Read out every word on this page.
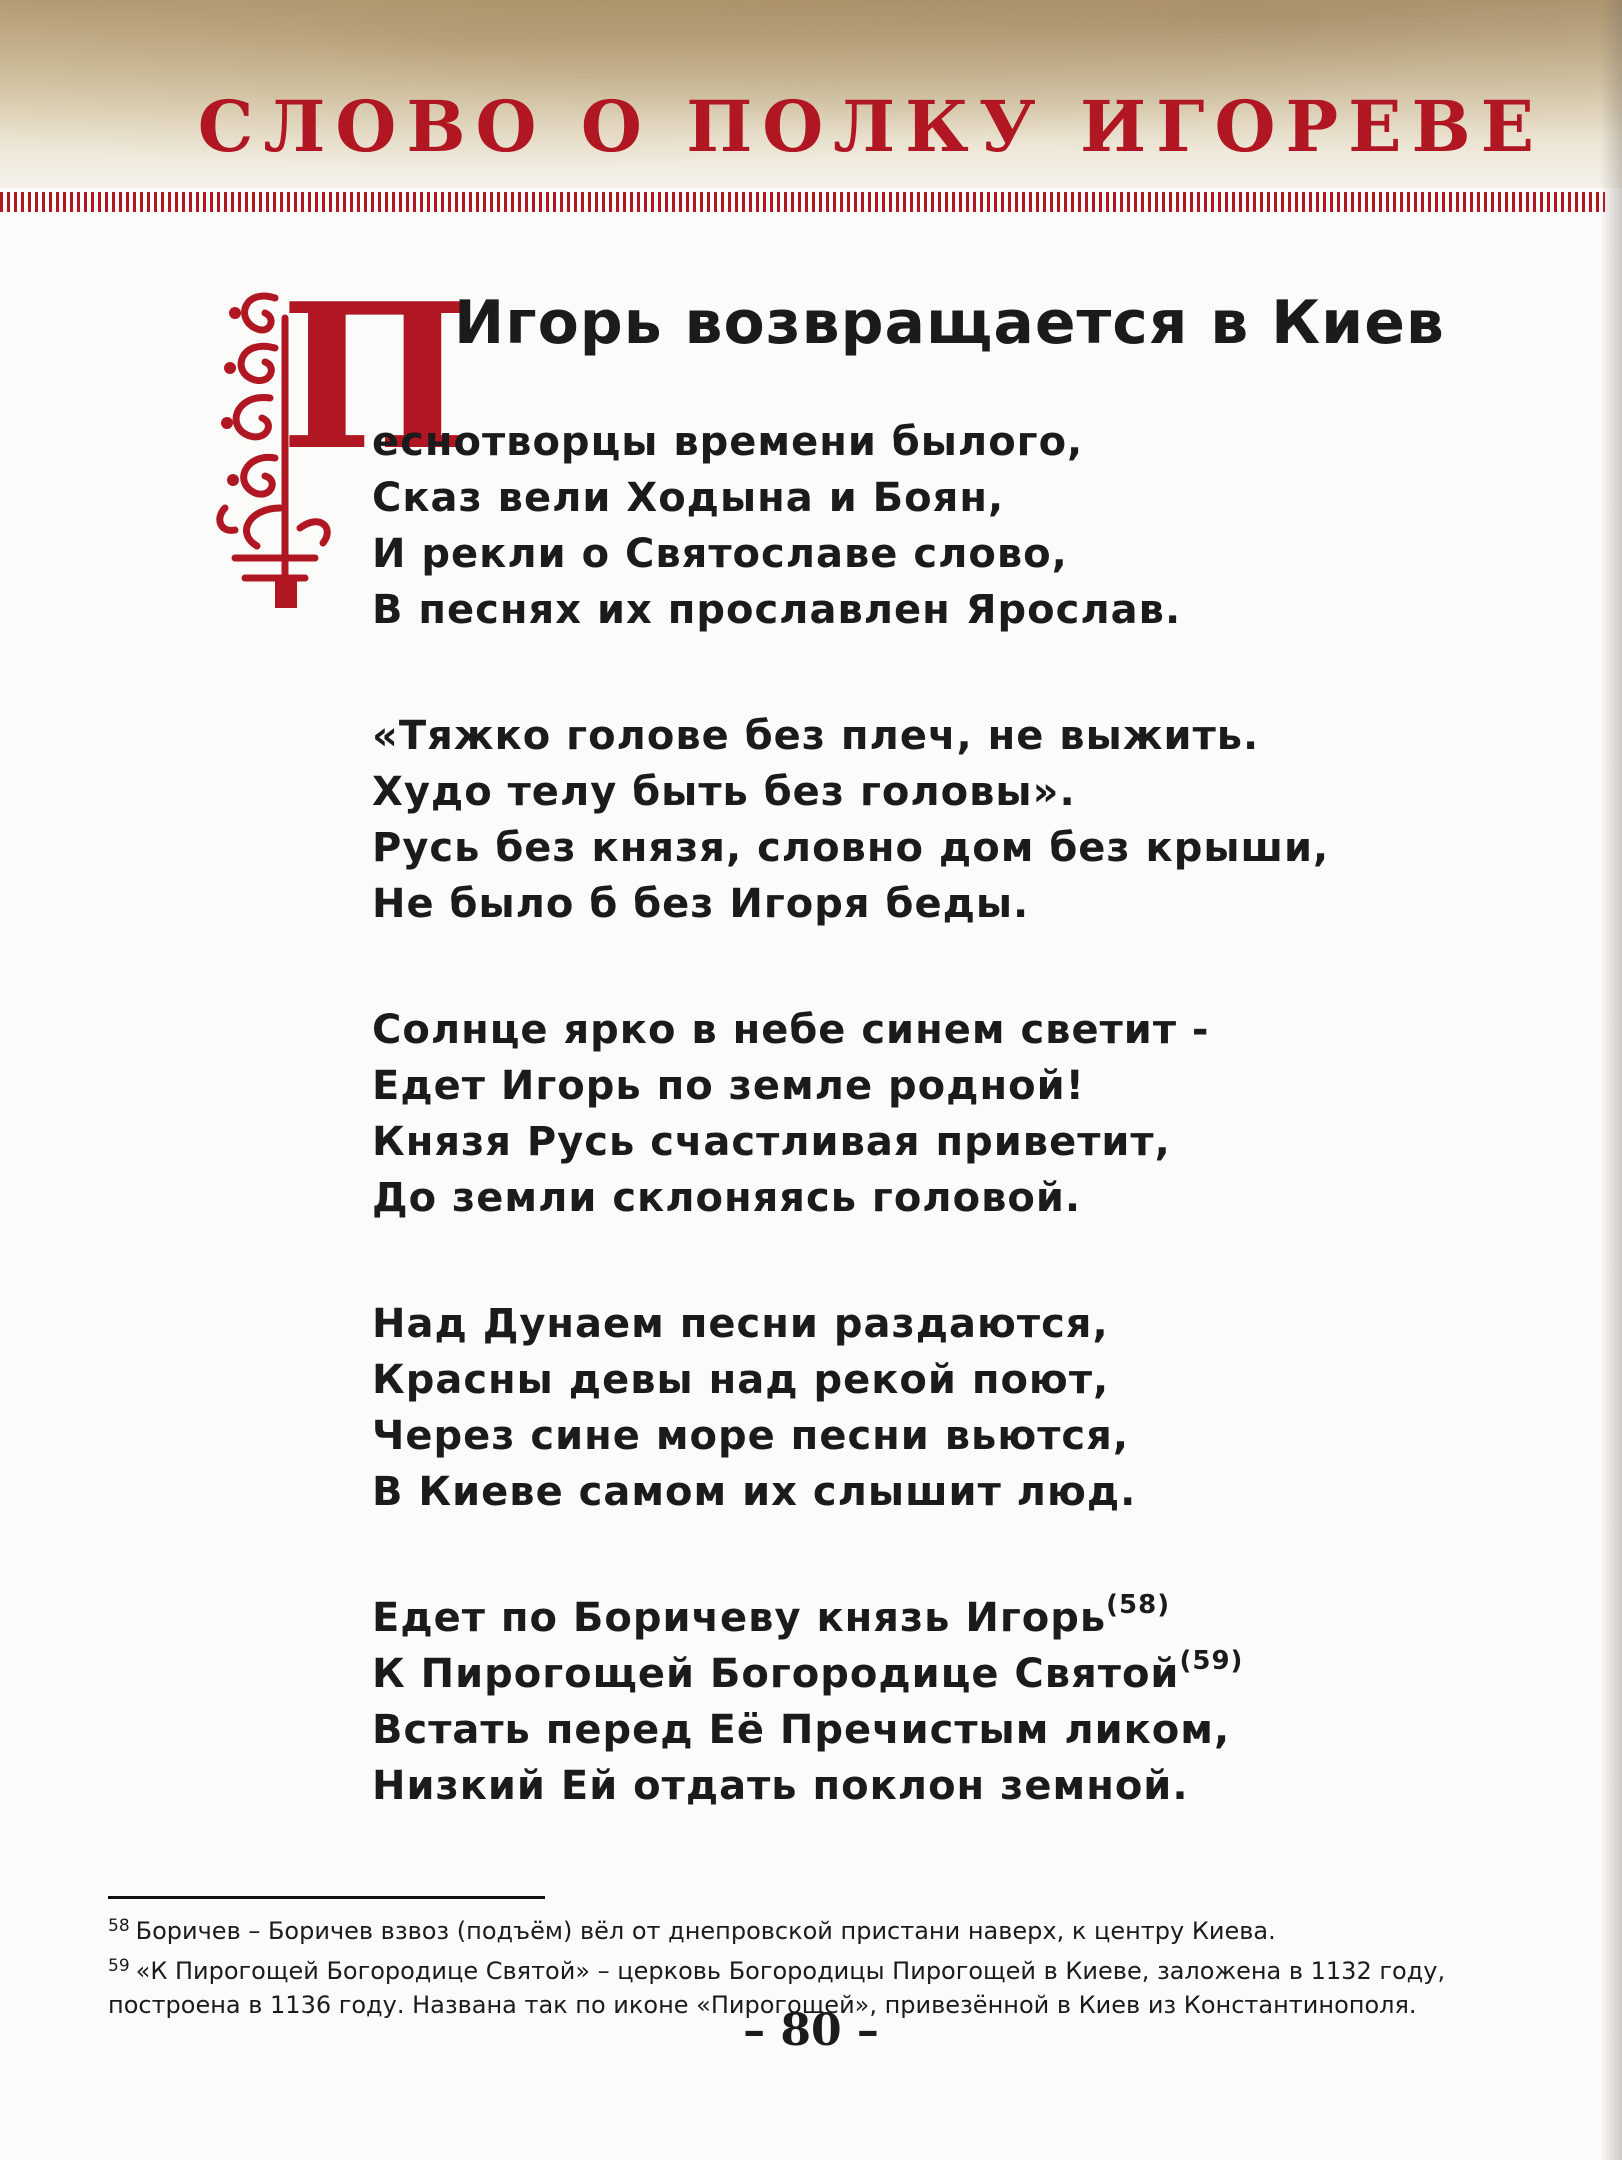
СЛОВО О ПОЛКУ ИГОРЕВЕ
П
Игорь возвращается в Киев
еснотворцы времени былого,
Сказ вели Ходына и Боян,
И рекли о Святославе слово,
В песнях их прославлен Ярослав.
«Тяжко голове без плеч, не выжить.
Худо телу быть без головы».
Русь без князя, словно дом без крыши,
Не было б без Игоря беды.
Солнце ярко в небе синем светит -
Едет Игорь по земле родной!
Князя Русь счастливая приветит,
До земли склоняясь головой.
Над Дунаем песни раздаются,
Красны девы над рекой поют,
Через сине море песни вьются,
В Киеве самом их слышит люд.
Едет по Боричеву князь Игорь$^{(58)}$
К Пирогощей Богородице Святой$^{(59)}$
Встать перед Её Пречистым ликом,
Низкий Ей отдать поклон земной.
$^{58}$ Боричев – Боричев взвоз (подъём) вёл от днепровской пристани наверх, к центру Киева.
$^{59}$ «К Пирогощей Богородице Святой» – церковь Богородицы Пирогощей в Киеве, заложена в 1132 году, построена в 1136 году. Названа так по иконе «Пирогощей», привезённой в Киев из Константинополя.
– 80 –
